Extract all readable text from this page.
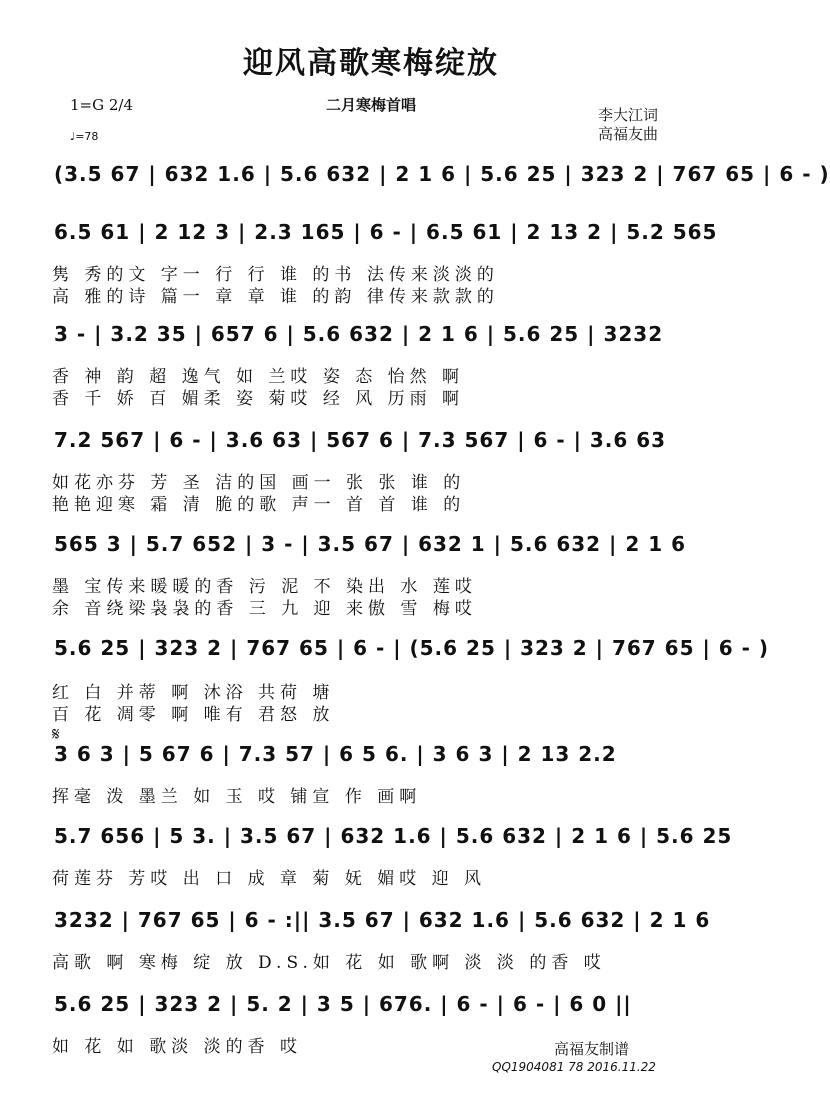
迎风高歌寒梅绽放
二月寒梅首唱
1=G 2/4
♩=78
李大江词
高福友曲
(3.5 67 | 632 1.6 | 5.6 632 | 2 1 6 | 5.6 25 | 323 2 | 767 65 | 6 - )
6.5 61 | 2 12 3 | 2.3 165 | 6 - | 6.5 61 | 2 13 2 | 5.2 565
隽 秀的文 字一 行 行 谁 的书 法传来淡淡的
高 雅的诗 篇一 章 章 谁 的韵 律传来款款的
3 - | 3.2 35 | 657 6 | 5.6 632 | 2 1 6 | 5.6 25 | 3232
香 神 韵 超 逸气 如 兰哎 姿 态 怡然 啊
香 千 娇 百 媚柔 姿 菊哎 经 风 历雨 啊
7.2 567 | 6 - | 3.6 63 | 567 6 | 7.3 567 | 6 - | 3.6 63
如花亦芬 芳 圣 洁的国 画一 张 张 谁 的
艳艳迎寒 霜 清 脆的歌 声一 首 首 谁 的
565 3 | 5.7 652 | 3 - | 3.5 67 | 632 1 | 5.6 632 | 2 1 6
墨 宝传来暖暖的香 污 泥 不 染出 水 莲哎
余 音绕梁袅袅的香 三 九 迎 来傲 雪 梅哎
5.6 25 | 323 2 | 767 65 | 6 - | (5.6 25 | 323 2 | 767 65 | 6 - )
红 白 并蒂 啊 沐浴 共荷 塘
百 花 凋零 啊 唯有 君怒 放
𝄋
3 6 3 | 5 67 6 | 7.3 57 | 6 5 6. | 3 6 3 | 2 13 2.2
挥毫 泼 墨兰 如 玉 哎 铺宣 作 画啊
5.7 656 | 5 3. | 3.5 67 | 632 1.6 | 5.6 632 | 2 1 6 | 5.6 25
荷莲芬 芳哎 出 口 成 章 菊 妩 媚哎 迎 风
3232 | 767 65 | 6 - :|| 3.5 67 | 632 1.6 | 5.6 632 | 2 1 6
高歌 啊 寒梅 绽 放 D.S.如 花 如 歌啊 淡 淡 的香 哎
5.6 25 | 323 2 | 5. 2 | 3 5 | 676. | 6 - | 6 - | 6 0 ||
如 花 如 歌淡 淡的香 哎	高福友制谱
QQ1904081 78 2016.11.22
